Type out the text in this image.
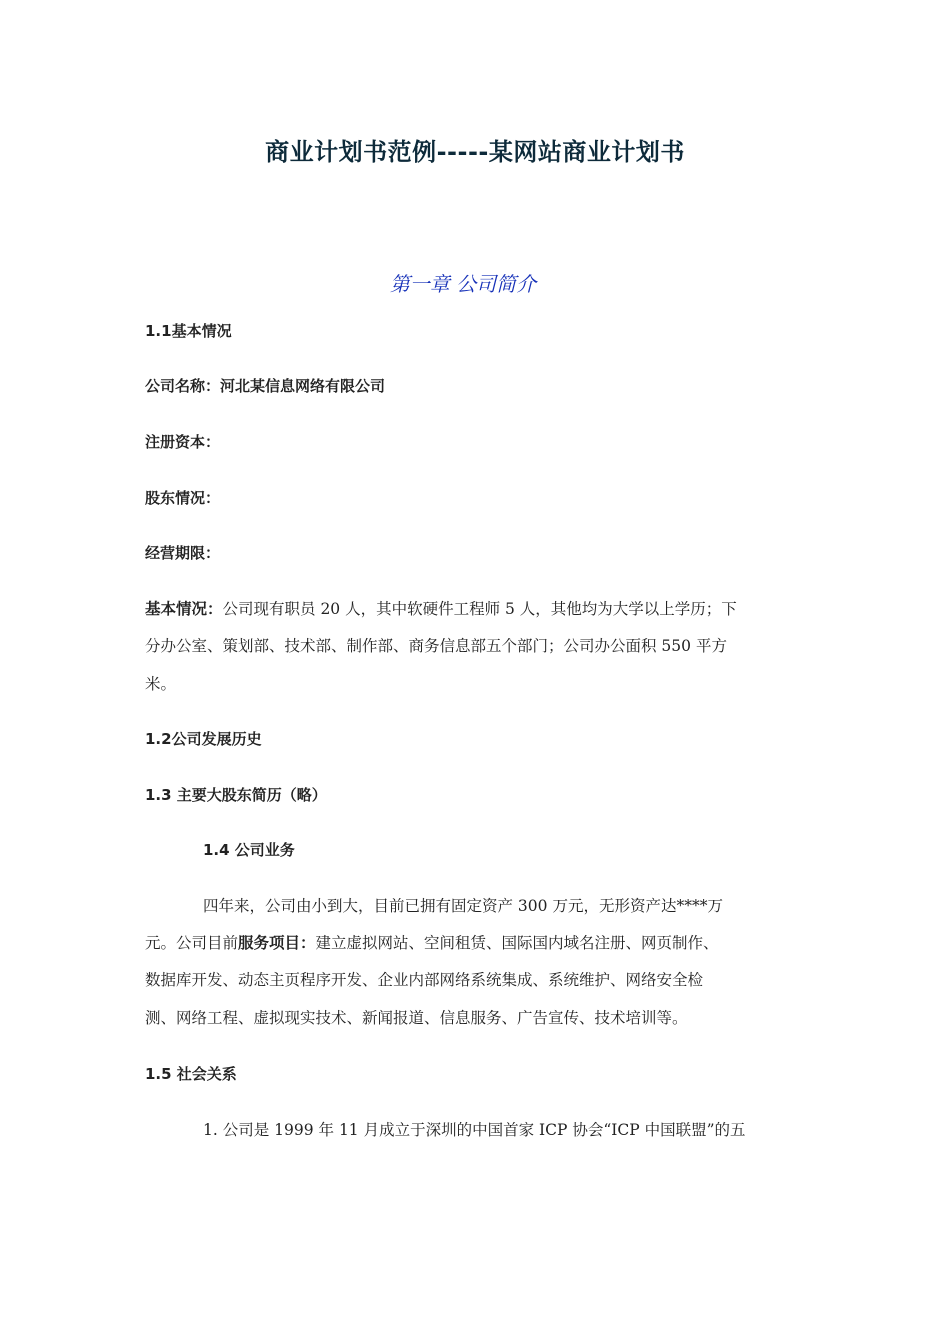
商业计划书范例-----某网站商业计划书
第一章 公司简介
1.1基本情况
公司名称：河北某信息网络有限公司
注册资本：
股东情况：
经营期限：
基本情况：公司现有职员 20 人，其中软硬件工程师 5 人，其他均为大学以上学历；下
分办公室、策划部、技术部、制作部、商务信息部五个部门；公司办公面积 550 平方
米。
1.2公司发展历史
1.3 主要大股东简历（略）
1.4 公司业务
四年来，公司由小到大，目前已拥有固定资产 300 万元，无形资产达****万
元。公司目前服务项目：建立虚拟网站、空间租赁、国际国内域名注册、网页制作、
数据库开发、动态主页程序开发、企业内部网络系统集成、系统维护、网络安全检
测、网络工程、虚拟现实技术、新闻报道、信息服务、广告宣传、技术培训等。
1.5 社会关系
1. 公司是 1999 年 11 月成立于深圳的中国首家 ICP 协会“ICP 中国联盟”的五
